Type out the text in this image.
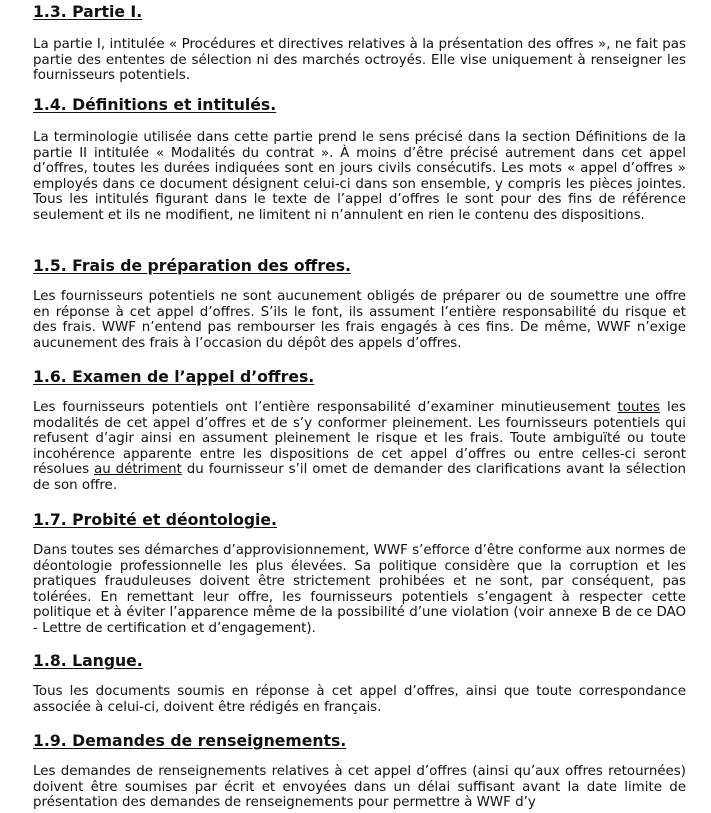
1.3. Partie I.

La partie I, intitulée « Procédures et directives relatives à la présentation des offres », ne fait pas partie des ententes de sélection ni des marchés octroyés. Elle vise uniquement à renseigner les fournisseurs potentiels.

1.4. Définitions et intitulés.

La terminologie utilisée dans cette partie prend le sens précisé dans la section Définitions de la partie II intitulée « Modalités du contrat ». À moins d’être précisé autrement dans cet appel d’offres, toutes les durées indiquées sont en jours civils consécutifs. Les mots « appel d’offres » employés dans ce document désignent celui-ci dans son ensemble, y compris les pièces jointes. Tous les intitulés figurant dans le texte de l’appel d’offres le sont pour des fins de référence seulement et ils ne modifient, ne limitent ni n’annulent en rien le contenu des dispositions.

1.5. Frais de préparation des offres.

Les fournisseurs potentiels ne sont aucunement obligés de préparer ou de soumettre une offre en réponse à cet appel d’offres. S’ils le font, ils assument l’entière responsabilité du risque et des frais. WWF n’entend pas rembourser les frais engagés à ces fins. De même, WWF n’exige aucunement des frais à l’occasion du dépôt des appels d’offres.

1.6. Examen de l’appel d’offres.

Les fournisseurs potentiels ont l’entière responsabilité d’examiner minutieusement toutes les modalités de cet appel d’offres et de s’y conformer pleinement. Les fournisseurs potentiels qui refusent d’agir ainsi en assument pleinement le risque et les frais. Toute ambiguïté ou toute incohérence apparente entre les dispositions de cet appel d’offres ou entre celles-ci seront résolues au détriment du fournisseur s’il omet de demander des clarifications avant la sélection de son offre.

1.7. Probité et déontologie.

Dans toutes ses démarches d’approvisionnement, WWF s’efforce d’être conforme aux normes de déontologie professionnelle les plus élevées. Sa politique considère que la corruption et les pratiques frauduleuses doivent être strictement prohibées et ne sont, par conséquent, pas tolérées. En remettant leur offre, les fournisseurs potentiels s’engagent à respecter cette politique et à éviter l’apparence même de la possibilité d’une violation (voir annexe B de ce DAO - Lettre de certification et d’engagement).

1.8. Langue.

Tous les documents soumis en réponse à cet appel d’offres, ainsi que toute correspondance associée à celui-ci, doivent être rédigés en français.

1.9. Demandes de renseignements.

Les demandes de renseignements relatives à cet appel d’offres (ainsi qu’aux offres retournées) doivent être soumises par écrit et envoyées dans un délai suffisant avant la date limite de présentation des demandes de renseignements pour permettre à WWF d’y
